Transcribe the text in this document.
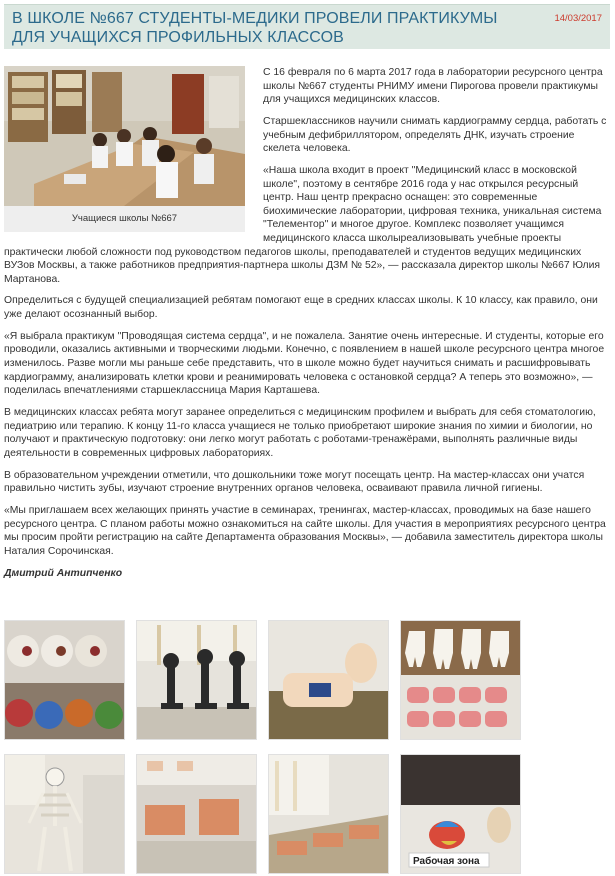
В ШКОЛЕ №667 СТУДЕНТЫ-МЕДИКИ ПРОВЕЛИ ПРАКТИКУМЫ ДЛЯ УЧАЩИХСЯ ПРОФИЛЬНЫХ КЛАССОВ
14/03/2017
Учащиеся школы №667

С 16 февраля по 6 марта 2017 года в лаборатории ресурсного центра школы №667 студенты РНИМУ имени Пирогова провели практикумы для учащихся медицинских классов.

Старшеклассников научили снимать кардиограмму сердца, работать с учебным дефибриллятором, определять ДНК, изучать строение скелета человека.

«Наша школа входит в проект "Медицинский класс в московской школе", поэтому в сентябре 2016 года у нас открылся ресурсный центр. Наш центр прекрасно оснащен: это современные биохимические лаборатории, цифровая техника, уникальная система "Телементор" и многое другое. Комплекс позволяет учащимся медицинского класса школыреализовывать учебные проекты практически любой сложности под руководством педагогов школы, преподавателей и студентов ведущих медицинских ВУЗов Москвы, а также работников предприятия-партнера школы ДЗМ № 52», — рассказала директор школы №667 Юлия Мартанова.

Определиться с будущей специализацией ребятам помогают еще в средних классах школы. К 10 классу, как правило, они уже делают осознанный выбор.

«Я выбрала практикум "Проводящая система сердца", и не пожалела. Занятие очень интересные. И студенты, которые его проводили, оказались активными и творческими людьми. Конечно, с появлением в нашей школе ресурсного центра многое изменилось. Разве могли мы раньше себе представить, что в школе можно будет научиться снимать и расшифровывать кардиограмму, анализировать клетки крови и реанимировать человека с остановкой сердца? А теперь это возможно», — поделилась впечатлениями старшеклассница Мария Карташева.

В медицинских классах ребята могут заранее определиться с медицинским профилем и выбрать для себя стоматологию, педиатрию или терапию. К концу 11-го класса учащиеся не только приобретают широкие знания по химии и биологии, но получают и практическую подготовку: они легко могут работать с роботами-тренажёрами, выполнять различные виды деятельности в современных цифровых лабораториях.

В образовательном учреждении отметили, что дошкольники тоже могут посещать центр. На мастер-классах они учатся правильно чистить зубы, изучают строение внутренних органов человека, осваивают правила личной гигиены.

«Мы приглашаем всех желающих принять участие в семинарах, тренингах, мастер-классах, проводимых на базе нашего ресурсного центра. С планом работы можно ознакомиться на сайте школы. Для участия в мероприятиях ресурсного центра мы просим пройти регистрацию на сайте Департамента образования Москвы», — добавила заместитель директора школы Наталия Сорочинская.

Дмитрий Антипченко

Рабочая зона
